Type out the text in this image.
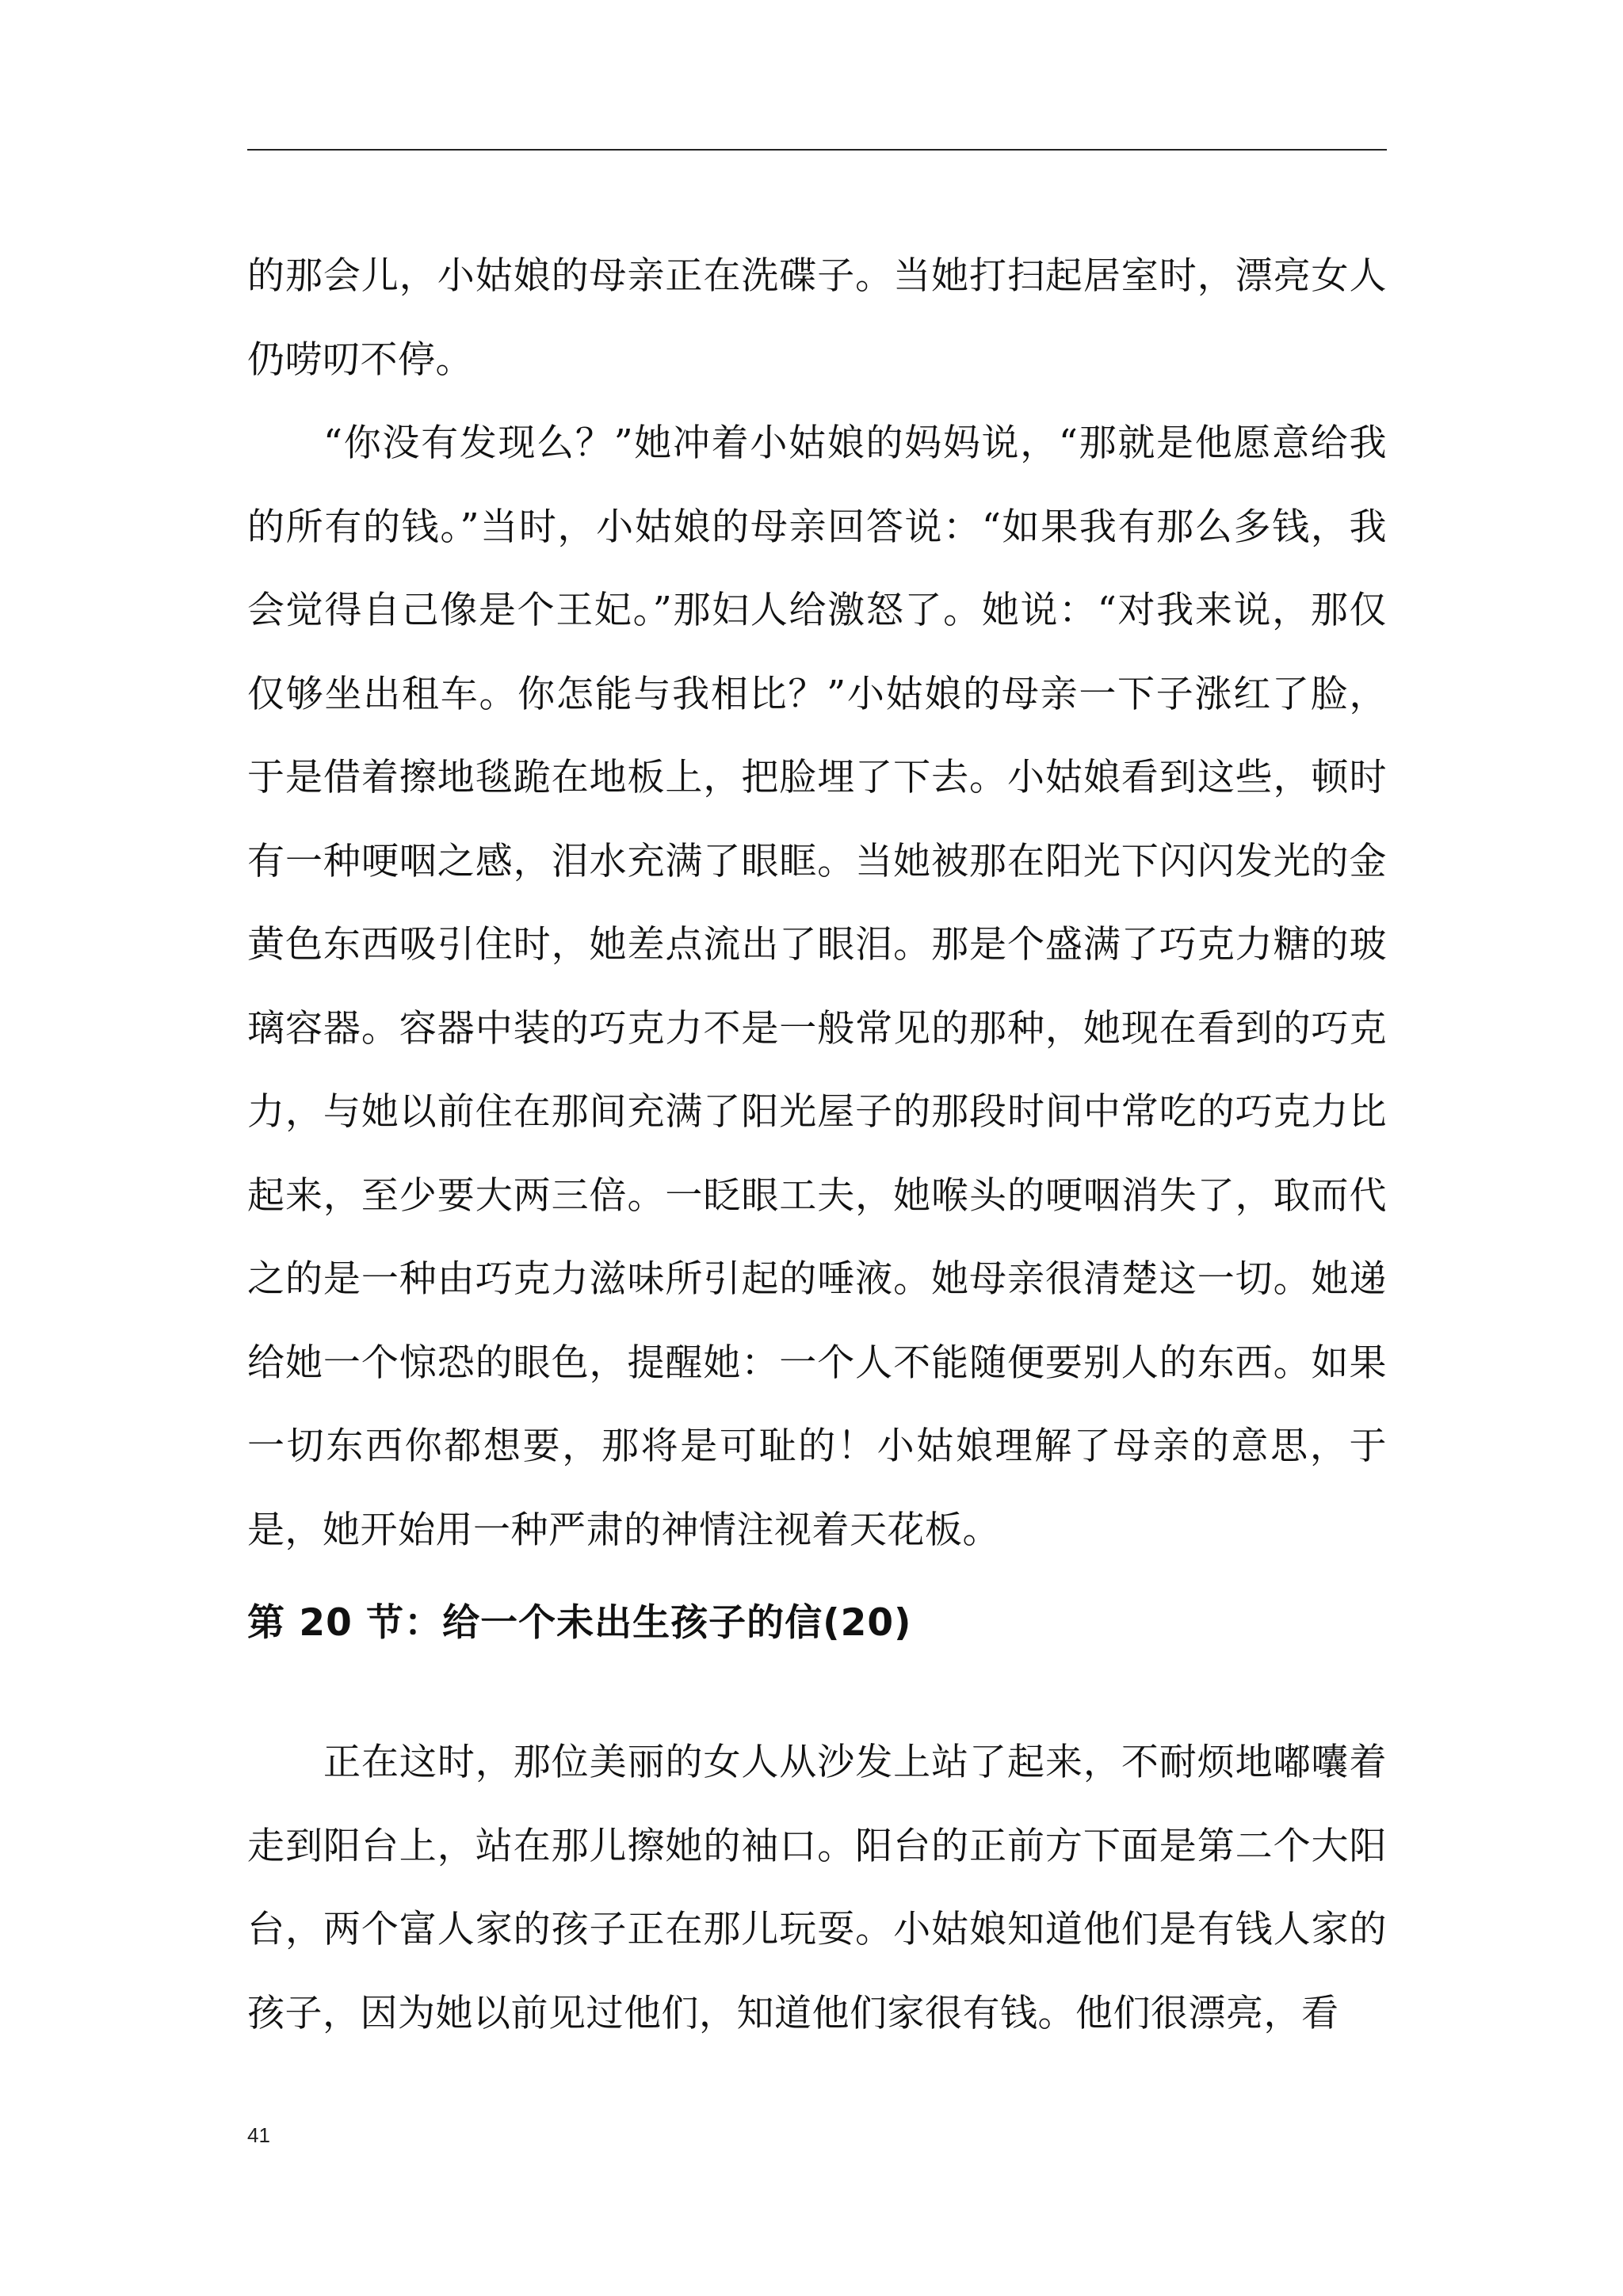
的那会儿，小姑娘的母亲正在洗碟子。当她打扫起居室时，漂亮女人仍唠叨不停。

“你没有发现么？”她冲着小姑娘的妈妈说，“那就是他愿意给我的所有的钱。”当时，小姑娘的母亲回答说：“如果我有那么多钱，我会觉得自己像是个王妃。”那妇人给激怒了。她说：“对我来说，那仅仅够坐出租车。你怎能与我相比？”小姑娘的母亲一下子涨红了脸，于是借着擦地毯跪在地板上，把脸埋了下去。小姑娘看到这些，顿时有一种哽咽之感，泪水充满了眼眶。当她被那在阳光下闪闪发光的金黄色东西吸引住时，她差点流出了眼泪。那是个盛满了巧克力糖的玻璃容器。容器中装的巧克力不是一般常见的那种，她现在看到的巧克力，与她以前住在那间充满了阳光屋子的那段时间中常吃的巧克力比起来，至少要大两三倍。一眨眼工夫，她喉头的哽咽消失了，取而代之的是一种由巧克力滋味所引起的唾液。她母亲很清楚这一切。她递给她一个惊恐的眼色，提醒她：一个人不能随便要别人的东西。如果一切东西你都想要，那将是可耻的！小姑娘理解了母亲的意思，于是，她开始用一种严肃的神情注视着天花板。

第 20 节：给一个未出生孩子的信(20)

正在这时，那位美丽的女人从沙发上站了起来，不耐烦地嘟囔着走到阳台上，站在那儿擦她的袖口。阳台的正前方下面是第二个大阳台，两个富人家的孩子正在那儿玩耍。小姑娘知道他们是有钱人家的孩子，因为她以前见过他们，知道他们家很有钱。他们很漂亮，看

41
